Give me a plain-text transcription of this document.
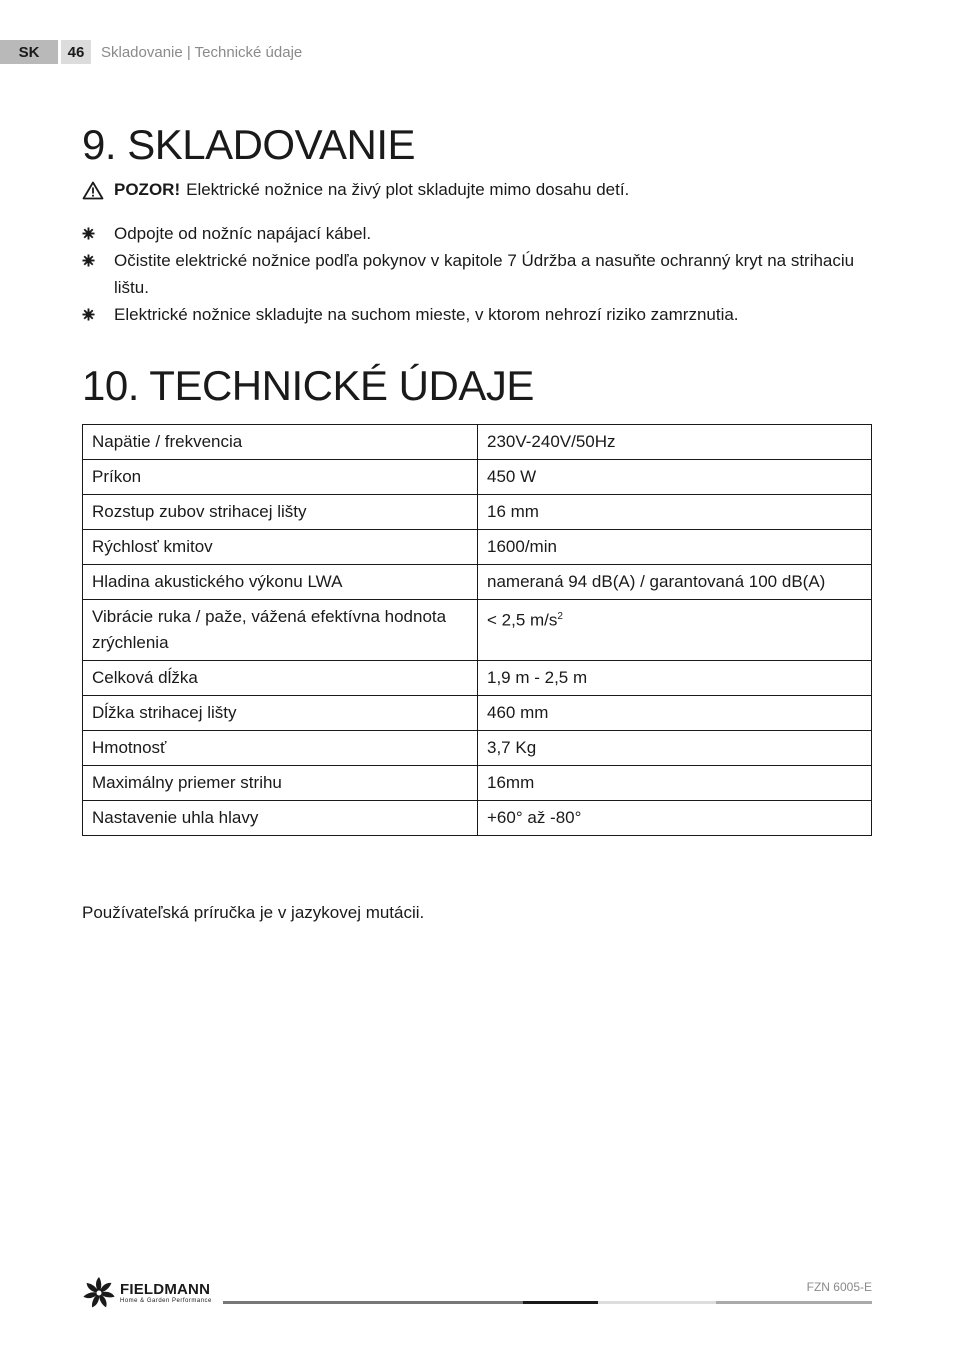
SK	46	Skladovanie | Technické údaje
9. SKLADOVANIE
POZOR! Elektrické nožnice na živý plot skladujte mimo dosahu detí.
Odpojte od nožníc napájací kábel.
Očistite elektrické nožnice podľa pokynov v kapitole 7 Údržba a nasuňte ochranný kryt na strihaciu lištu.
Elektrické nožnice skladujte na suchom mieste, v ktorom nehrozí riziko zamrznutia.
10. TECHNICKÉ ÚDAJE
Napätie / frekvencia	230V-240V/50Hz
Príkon	450 W
Rozstup zubov strihacej lišty	16 mm
Rýchlosť kmitov	1600/min
Hladina akustického výkonu LWA	nameraná 94 dB(A) / garantovaná 100 dB(A)
Vibrácie ruka / paže, vážená efektívna hodnota zrýchlenia	< 2,5 $m/s^2$
Celková dĺžka	1,9 m - 2,5 m
Dĺžka strihacej lišty	460 mm
Hmotnosť	3,7 Kg
Maximálny priemer strihu	16mm
Nastavenie uhla hlavy	+60° až -80°
Používateľská príručka je v jazykovej mutácii.
FIELDMANN
Home & Garden Performance
FZN 6005-E
